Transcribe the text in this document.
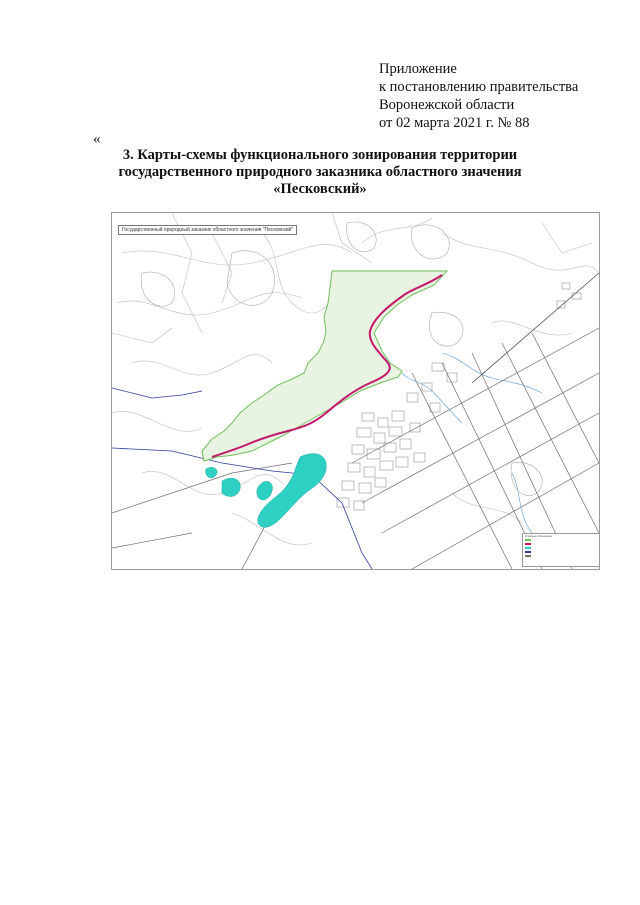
Приложение
к постановлению правительства
Воронежской области
от 02 марта 2021 г. № 88
«
3. Карты-схемы функционального зонирования территории
государственного природного заказника областного значения
«Песковский»
Государственный природный заказник областного значения "Песковский"
Условные обозначения
